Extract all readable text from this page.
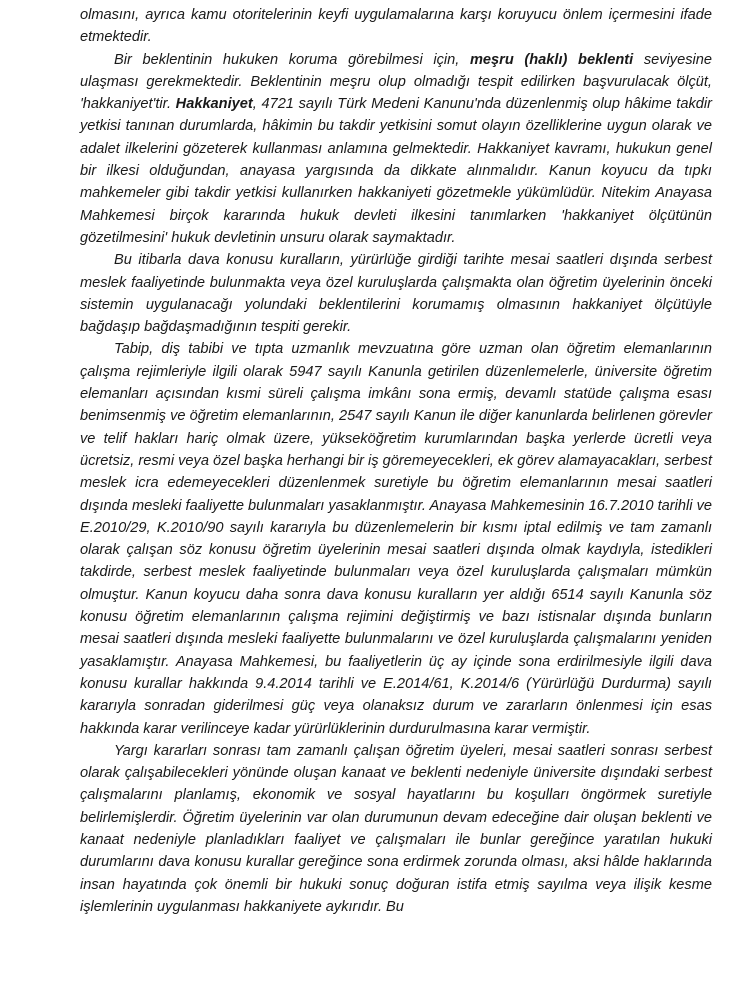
olmasını, ayrıca kamu otoritelerinin keyfi uygulamalarına karşı koruyucu önlem içermesini ifade etmektedir.

Bir beklentinin hukuken koruma görebilmesi için, meşru (haklı) beklenti seviyesine ulaşması gerekmektedir. Beklentinin meşru olup olmadığı tespit edilirken başvurulacak ölçüt, 'hakkaniyet'tir. Hakkaniyet, 4721 sayılı Türk Medeni Kanunu'nda düzenlenmiş olup hâkime takdir yetkisi tanınan durumlarda, hâkimin bu takdir yetkisini somut olayın özelliklerine uygun olarak ve adalet ilkelerini gözeterek kullanması anlamına gelmektedir. Hakkaniyet kavramı, hukukun genel bir ilkesi olduğundan, anayasa yargısında da dikkate alınmalıdır. Kanun koyucu da tıpkı mahkemeler gibi takdir yetkisi kullanırken hakkaniyeti gözetmekle yükümlüdür. Nitekim Anayasa Mahkemesi birçok kararında hukuk devleti ilkesini tanımlarken 'hakkaniyet ölçütünün gözetilmesini' hukuk devletinin unsuru olarak saymaktadır.

Bu itibarla dava konusu kuralların, yürürlüğe girdiği tarihte mesai saatleri dışında serbest meslek faaliyetinde bulunmakta veya özel kuruluşlarda çalışmakta olan öğretim üyelerinin önceki sistemin uygulanacağı yolundaki beklentilerini korumamış olmasının hakkaniyet ölçütüyle bağdaşıp bağdaşmadığının tespiti gerekir.

Tabip, diş tabibi ve tıpta uzmanlık mevzuatına göre uzman olan öğretim elemanlarının çalışma rejimleriyle ilgili olarak 5947 sayılı Kanunla getirilen düzenlemelerle, üniversite öğretim elemanları açısından kısmi süreli çalışma imkânı sona ermiş, devamlı statüde çalışma esası benimsenmiş ve öğretim elemanlarının, 2547 sayılı Kanun ile diğer kanunlarda belirlenen görevler ve telif hakları hariç olmak üzere, yükseköğretim kurumlarından başka yerlerde ücretli veya ücretsiz, resmi veya özel başka herhangi bir iş göremeyecekleri, ek görev alamayacakları, serbest meslek icra edemeyecekleri düzenlenmek suretiyle bu öğretim elemanlarının mesai saatleri dışında mesleki faaliyette bulunmaları yasaklanmıştır. Anayasa Mahkemesinin 16.7.2010 tarihli ve E.2010/29, K.2010/90 sayılı kararıyla bu düzenlemelerin bir kısmı iptal edilmiş ve tam zamanlı olarak çalışan söz konusu öğretim üyelerinin mesai saatleri dışında olmak kaydıyla, istedikleri takdirde, serbest meslek faaliyetinde bulunmaları veya özel kuruluşlarda çalışmaları mümkün olmuştur. Kanun koyucu daha sonra dava konusu kuralların yer aldığı 6514 sayılı Kanunla söz konusu öğretim elemanlarının çalışma rejimini değiştirmiş ve bazı istisnalar dışında bunların mesai saatleri dışında mesleki faaliyette bulunmalarını ve özel kuruluşlarda çalışmalarını yeniden yasaklamıştır. Anayasa Mahkemesi, bu faaliyetlerin üç ay içinde sona erdirilmesiyle ilgili dava konusu kurallar hakkında 9.4.2014 tarihli ve E.2014/61, K.2014/6 (Yürürlüğü Durdurma) sayılı kararıyla sonradan giderilmesi güç veya olanaksız durum ve zararların önlenmesi için esas hakkında karar verilinceye kadar yürürlüklerinin durdurulmasına karar vermiştir.

Yargı kararları sonrası tam zamanlı çalışan öğretim üyeleri, mesai saatleri sonrası serbest olarak çalışabilecekleri yönünde oluşan kanaat ve beklenti nedeniyle üniversite dışındaki serbest çalışmalarını planlamış, ekonomik ve sosyal hayatlarını bu koşulları öngörmek suretiyle belirlemişlerdir. Öğretim üyelerinin var olan durumunun devam edeceğine dair oluşan beklenti ve kanaat nedeniyle planladıkları faaliyet ve çalışmaları ile bunlar gereğince yaratılan hukuki durumlarını dava konusu kurallar gereğince sona erdirmek zorunda olması, aksi hâlde haklarında insan hayatında çok önemli bir hukuki sonuç doğuran istifa etmiş sayılma veya ilişik kesme işlemlerinin uygulanması hakkaniyete aykırıdır. Bu
